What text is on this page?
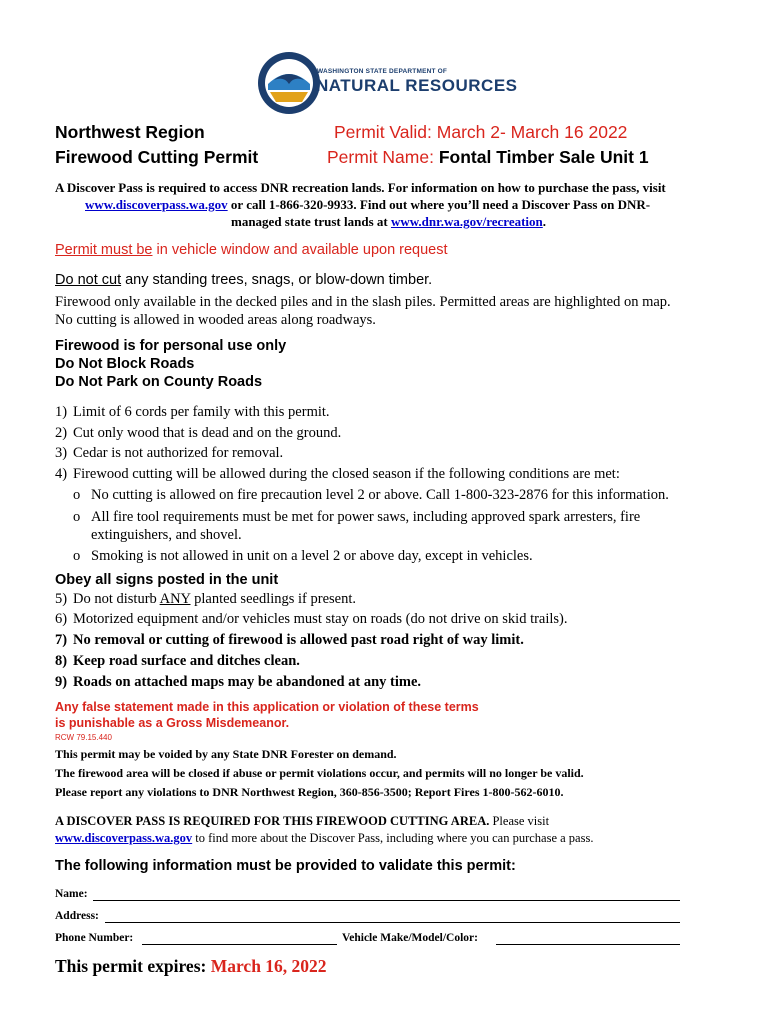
WASHINGTON STATE DEPARTMENT OF
NATURAL RESOURCES
Northwest Region
Firewood Cutting Permit
Permit Valid: March 2- March 16 2022
Permit Name: Fontal Timber Sale Unit 1
A Discover Pass is required to access DNR recreation lands. For information on how to purchase the pass, visit
www.discoverpass.wa.gov or call 1-866-320-9933. Find out where you’ll need a Discover Pass on DNR-
managed state trust lands at www.dnr.wa.gov/recreation.
Permit must be in vehicle window and available upon request
Do not cut any standing trees, snags, or blow-down timber.
Firewood only available in the decked piles and in the slash piles. Permitted areas are highlighted on map.
No cutting is allowed in wooded areas along roadways.
Firewood is for personal use only
Do Not Block Roads
Do Not Park on County Roads
1) Limit of 6 cords per family with this permit.
2) Cut only wood that is dead and on the ground.
3) Cedar is not authorized for removal.
4) Firewood cutting will be allowed during the closed season if the following conditions are met:
o No cutting is allowed on fire precaution level 2 or above. Call 1-800-323-2876 for this information.
o All fire tool requirements must be met for power saws, including approved spark arresters, fire
extinguishers, and shovel.
o Smoking is not allowed in unit on a level 2 or above day, except in vehicles.
Obey all signs posted in the unit
5) Do not disturb ANY planted seedlings if present.
6) Motorized equipment and/or vehicles must stay on roads (do not drive on skid trails).
7) No removal or cutting of firewood is allowed past road right of way limit.
8) Keep road surface and ditches clean.
9) Roads on attached maps may be abandoned at any time.
Any false statement made in this application or violation of these terms
is punishable as a Gross Misdemeanor.
RCW 79.15.440
This permit may be voided by any State DNR Forester on demand.
The firewood area will be closed if abuse or permit violations occur, and permits will no longer be valid.
Please report any violations to DNR Northwest Region, 360-856-3500; Report Fires 1-800-562-6010.
A DISCOVER PASS IS REQUIRED FOR THIS FIREWOOD CUTTING AREA. Please visit
www.discoverpass.wa.gov to find more about the Discover Pass, including where you can purchase a pass.
The following information must be provided to validate this permit:
Name:
Address:
Phone Number:	Vehicle Make/Model/Color:
This permit expires: March 16, 2022
